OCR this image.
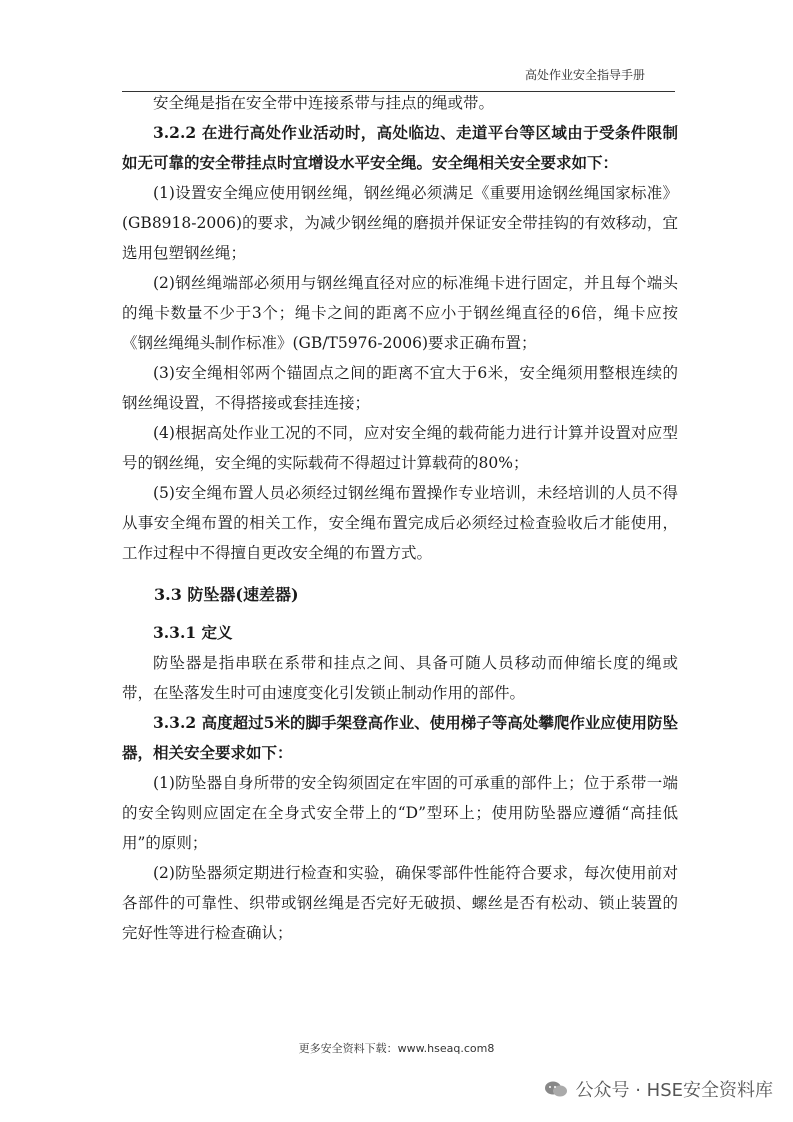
高处作业安全指导手册

安全绳是指在安全带中连接系带与挂点的绳或带。

3.2.2 在进行高处作业活动时，高处临边、走道平台等区域由于受条件限制如无可靠的安全带挂点时宜增设水平安全绳。安全绳相关安全要求如下：

(1)设置安全绳应使用钢丝绳，钢丝绳必须满足《重要用途钢丝绳国家标准》(GB8918-2006)的要求，为减少钢丝绳的磨损并保证安全带挂钩的有效移动，宜选用包塑钢丝绳；

(2)钢丝绳端部必须用与钢丝绳直径对应的标准绳卡进行固定，并且每个端头的绳卡数量不少于3个；绳卡之间的距离不应小于钢丝绳直径的6倍，绳卡应按《钢丝绳绳头制作标准》(GB/T5976-2006)要求正确布置；

(3)安全绳相邻两个锚固点之间的距离不宜大于6米，安全绳须用整根连续的钢丝绳设置，不得搭接或套挂连接；

(4)根据高处作业工况的不同，应对安全绳的载荷能力进行计算并设置对应型号的钢丝绳，安全绳的实际载荷不得超过计算载荷的80%；

(5)安全绳布置人员必须经过钢丝绳布置操作专业培训，未经培训的人员不得从事安全绳布置的相关工作，安全绳布置完成后必须经过检查验收后才能使用，工作过程中不得擅自更改安全绳的布置方式。

3.3 防坠器(速差器)
3.3.1 定义

防坠器是指串联在系带和挂点之间、具备可随人员移动而伸缩长度的绳或带，在坠落发生时可由速度变化引发锁止制动作用的部件。

3.3.2 高度超过5米的脚手架登高作业、使用梯子等高处攀爬作业应使用防坠器，相关安全要求如下：

(1)防坠器自身所带的安全钩须固定在牢固的可承重的部件上；位于系带一端的安全钩则应固定在全身式安全带上的“D”型环上；使用防坠器应遵循“高挂低用”的原则；

(2)防坠器须定期进行检查和实验，确保零部件性能符合要求，每次使用前对各部件的可靠性、织带或钢丝绳是否完好无破损、螺丝是否有松动、锁止装置的完好性等进行检查确认；

更多安全资料下载：www.hseaq.com8
公众号 · HSE安全资料库
